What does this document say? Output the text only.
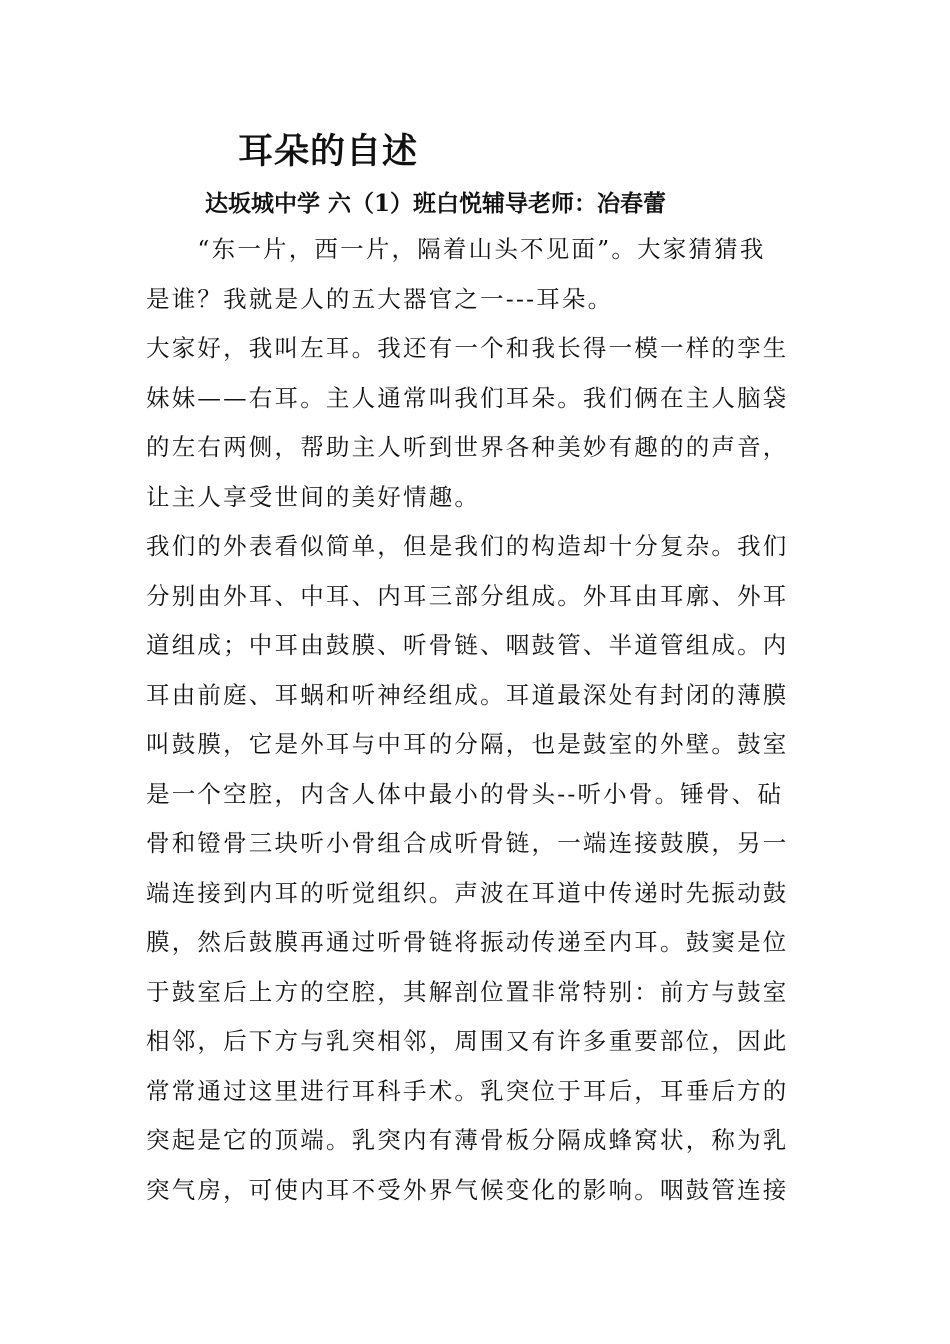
耳朵的自述
达坂城中学 六（1）班白悦辅导老师：冶春蕾
　　“东一片，西一片，隔着山头不见面”。大家猜猜我
是谁？我就是人的五大器官之一---耳朵。
大家好，我叫左耳。我还有一个和我长得一模一样的孪生
妹妹——右耳。主人通常叫我们耳朵。我们俩在主人脑袋
的左右两侧，帮助主人听到世界各种美妙有趣的的声音，
让主人享受世间的美好情趣。
我们的外表看似简单，但是我们的构造却十分复杂。我们
分别由外耳、中耳、内耳三部分组成。外耳由耳廓、外耳
道组成；中耳由鼓膜、听骨链、咽鼓管、半道管组成。内
耳由前庭、耳蜗和听神经组成。耳道最深处有封闭的薄膜
叫鼓膜，它是外耳与中耳的分隔，也是鼓室的外壁。鼓室
是一个空腔，内含人体中最小的骨头--听小骨。锤骨、砧
骨和镫骨三块听小骨组合成听骨链，一端连接鼓膜，另一
端连接到内耳的听觉组织。声波在耳道中传递时先振动鼓
膜，然后鼓膜再通过听骨链将振动传递至内耳。鼓窦是位
于鼓室后上方的空腔，其解剖位置非常特别：前方与鼓室
相邻，后下方与乳突相邻，周围又有许多重要部位，因此
常常通过这里进行耳科手术。乳突位于耳后，耳垂后方的
突起是它的顶端。乳突内有薄骨板分隔成蜂窝状，称为乳
突气房，可使内耳不受外界气候变化的影响。咽鼓管连接
